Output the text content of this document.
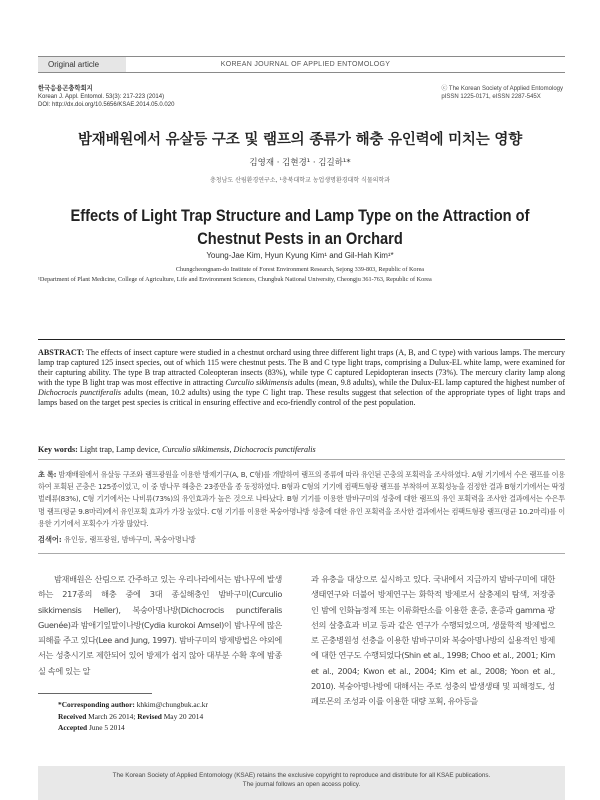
Original article	KOREAN JOURNAL OF APPLIED ENTOMOLOGY
한국응용곤충학회지
Korean J. Appl. Entomol. 53(3): 217-223 (2014)
DOI: http://dx.doi.org/10.5656/KSAE.2014.05.0.020
ⓒ The Korean Society of Applied Entomology
pISSN 1225-0171, eISSN 2287-545X
밤재배원에서 유살등 구조 및 램프의 종류가 해충 유인력에 미치는 영향
김영재 · 김현경¹ · 김길하¹*
충청남도 산림환경연구소, ¹충북대학교 농업생명환경대학 식물의학과
Effects of Light Trap Structure and Lamp Type on the Attraction of
Chestnut Pests in an Orchard
Young-Jae Kim, Hyun Kyung Kim¹ and Gil-Hah Kim¹*
Chungcheongnam-do Institute of Forest Environment Research, Sejong 339-803, Republic of Korea
¹Department of Plant Medicine, College of Agriculture, Life and Environment Sciences, Chungbuk National University, Cheongju 361-763, Republic of Korea
ABSTRACT: The effects of insect capture were studied in a chestnut orchard using three different light traps (A, B, and C type) with various lamps. The mercury lamp trap captured 125 insect species, out of which 115 were chestnut pests. The B and C type light traps, comprising a Dulux-EL white lamp, were examined for their capturing ability. The type B trap attracted Coleopteran insects (83%), while type C captured Lepidopteran insects (73%). The mercury clarity lamp along with the type B light trap was most effective in attracting Curculio sikkimensis adults (mean, 9.8 adults), while the Dulux-EL lamp captured the highest number of Dichocrocis punctiferalis adults (mean, 10.2 adults) using the type C light trap. These results suggest that selection of the appropriate types of light traps and lamps based on the target pest species is critical in ensuring effective and eco-friendly control of the pest population.
Key words: Light trap, Lamp device, Curculio sikkimensis, Dichocrocis punctiferalis
초 록: 밤재배원에서 유살등 구조와 램프광원을 이용한 방제기구(A, B, C형)를 개발하여 램프의 종류에 따라 유인된 곤충의 포획력을 조사하였다. A형 기기에서 수은 램프를 이용하여 포획된 곤충은 125종이었고, 이 중 밤나무 해충은 23종만을 종 동정하였다. B형과 C형의 기기에 컴팩트형광 램프를 부착하여 포획성능을 검정한 결과 B형기기에서는 딱정벌레류(83%), C형 기기에서는 나비류(73%)의 유인효과가 높은 것으로 나타났다. B형 기기를 이용한 밤바구미의 성충에 대한 램프의 유인 포획력을 조사한 결과에서는 수은투명 램프(평균 9.8마리)에서 유인포획 효과가 가장 높았다. C형 기기를 이용한 복숭아명나방 성충에 대한 유인 포획력을 조사한 결과에서는 컴팩트형광 램프(평균 10.2마리)를 이용한 기기에서 포획수가 가장 많았다.
검색어: 유인등, 램프광원, 밤바구미, 복숭아명나방
밤재배원은 산림으로 간주하고 있는 우리나라에서는 밤나무에 발생하는 217종의 해충 중에 3대 종실해충인 밤바구미(Curculio sikkimensis Heller), 복숭아명나방(Dichocrocis punctiferalis Guenée)과 밤애기잎말이나방(Cydia kurokoi Amsel)이 밤나무에 많은 피해를 주고 있다(Lee and Jung, 1997). 밤바구미의 방제방법은 야외에서는 성충시기로 제한되어 있어 방제가 쉽지 않아 대부분 수확 후에 밤종실 속에 있는 알
과 유충을 대상으로 실시하고 있다. 국내에서 지금까지 밤바구미에 대한 생태연구와 더불어 방제연구는 화학적 방제로서 살충제의 탐색, 저장중인 밤에 인화늄정제 또는 이류화탄소를 이용한 훈증, 훈증과 gamma 광선의 살충효과 비교 등과 같은 연구가 수행되었으며, 생물학적 방제법으로 곤충병원성 선충을 이용한 밤바구미와 복숭아명나방의 실용적인 방제에 대한 연구도 수행되었다(Shin et al., 1998; Choo et al., 2001; Kim et al., 2004; Kwon et al., 2004; Kim et al., 2008; Yoon et al., 2010). 복숭아명나방에 대해서는 주로 성충의 발생생태 및 피해정도, 성페로몬의 조성과 이를 이용한 대량 포획, 유아등을
*Corresponding author: khkim@chungbuk.ac.kr
Received March 26 2014; Revised May 20 2014
Accepted June 5 2014
The Korean Society of Applied Entomology (KSAE) retains the exclusive copyright to reproduce and distribute for all KSAE publications.
The journal follows an open access policy.
